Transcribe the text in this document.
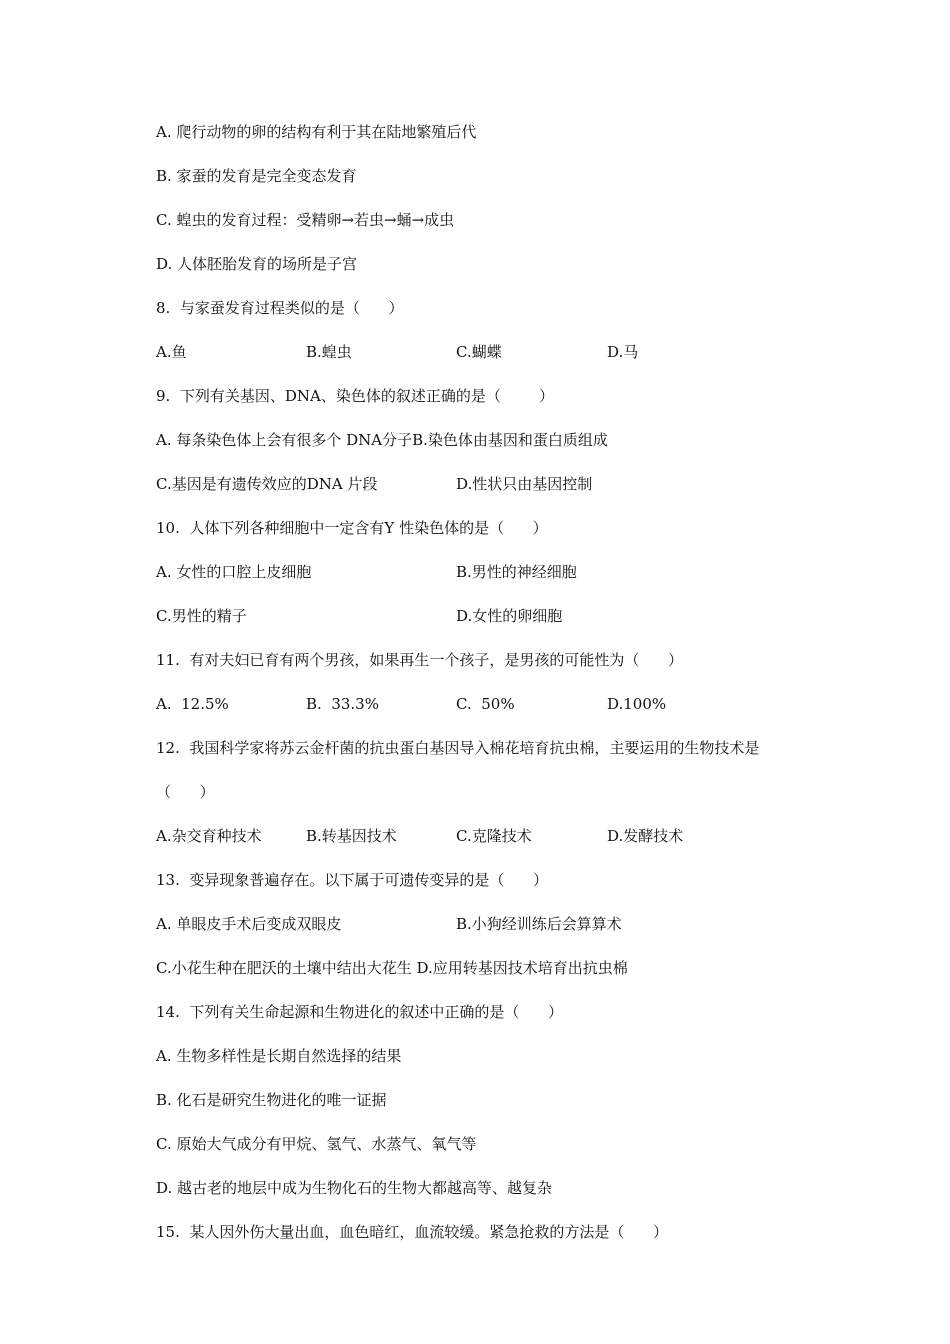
A. 爬行动物的卵的结构有利于其在陆地繁殖后代
B. 家蚕的发育是完全变态发育
C. 蝗虫的发育过程：受精卵→若虫→蛹→成虫
D. 人体胚胎发育的场所是子宫
8.  与家蚕发育过程类似的是（      ）
A.鱼	B.蝗虫	C.蝴蝶	D.马
9.  下列有关基因、DNA、染色体的叙述正确的是（        ）
A. 每条染色体上会有很多个 DNA分子B.染色体由基因和蛋白质组成
C.基因是有遗传效应的DNA 片段	D.性状只由基因控制
10.  人体下列各种细胞中一定含有Y 性染色体的是（      ）
A. 女性的口腔上皮细胞	B.男性的神经细胞
C.男性的精子	D.女性的卵细胞
11.  有对夫妇已育有两个男孩，如果再生一个孩子，是男孩的可能性为（      ）
A.  12.5%	B.  33.3%	C.  50%	D.100%
12.  我国科学家将苏云金杆菌的抗虫蛋白基因导入棉花培育抗虫棉，主要运用的生物技术是
（      ）
A.杂交育种技术	B.转基因技术	C.克隆技术	D.发酵技术
13.  变异现象普遍存在。以下属于可遗传变异的是（      ）
A. 单眼皮手术后变成双眼皮	B.小狗经训练后会算算术
C.小花生种在肥沃的土壤中结出大花生 D.应用转基因技术培育出抗虫棉
14.  下列有关生命起源和生物进化的叙述中正确的是（      ）
A. 生物多样性是长期自然选择的结果
B. 化石是研究生物进化的唯一证据
C. 原始大气成分有甲烷、氢气、水蒸气、氧气等
D. 越古老的地层中成为生物化石的生物大都越高等、越复杂
15.  某人因外伤大量出血，血色暗红，血流较缓。紧急抢救的方法是（      ）
